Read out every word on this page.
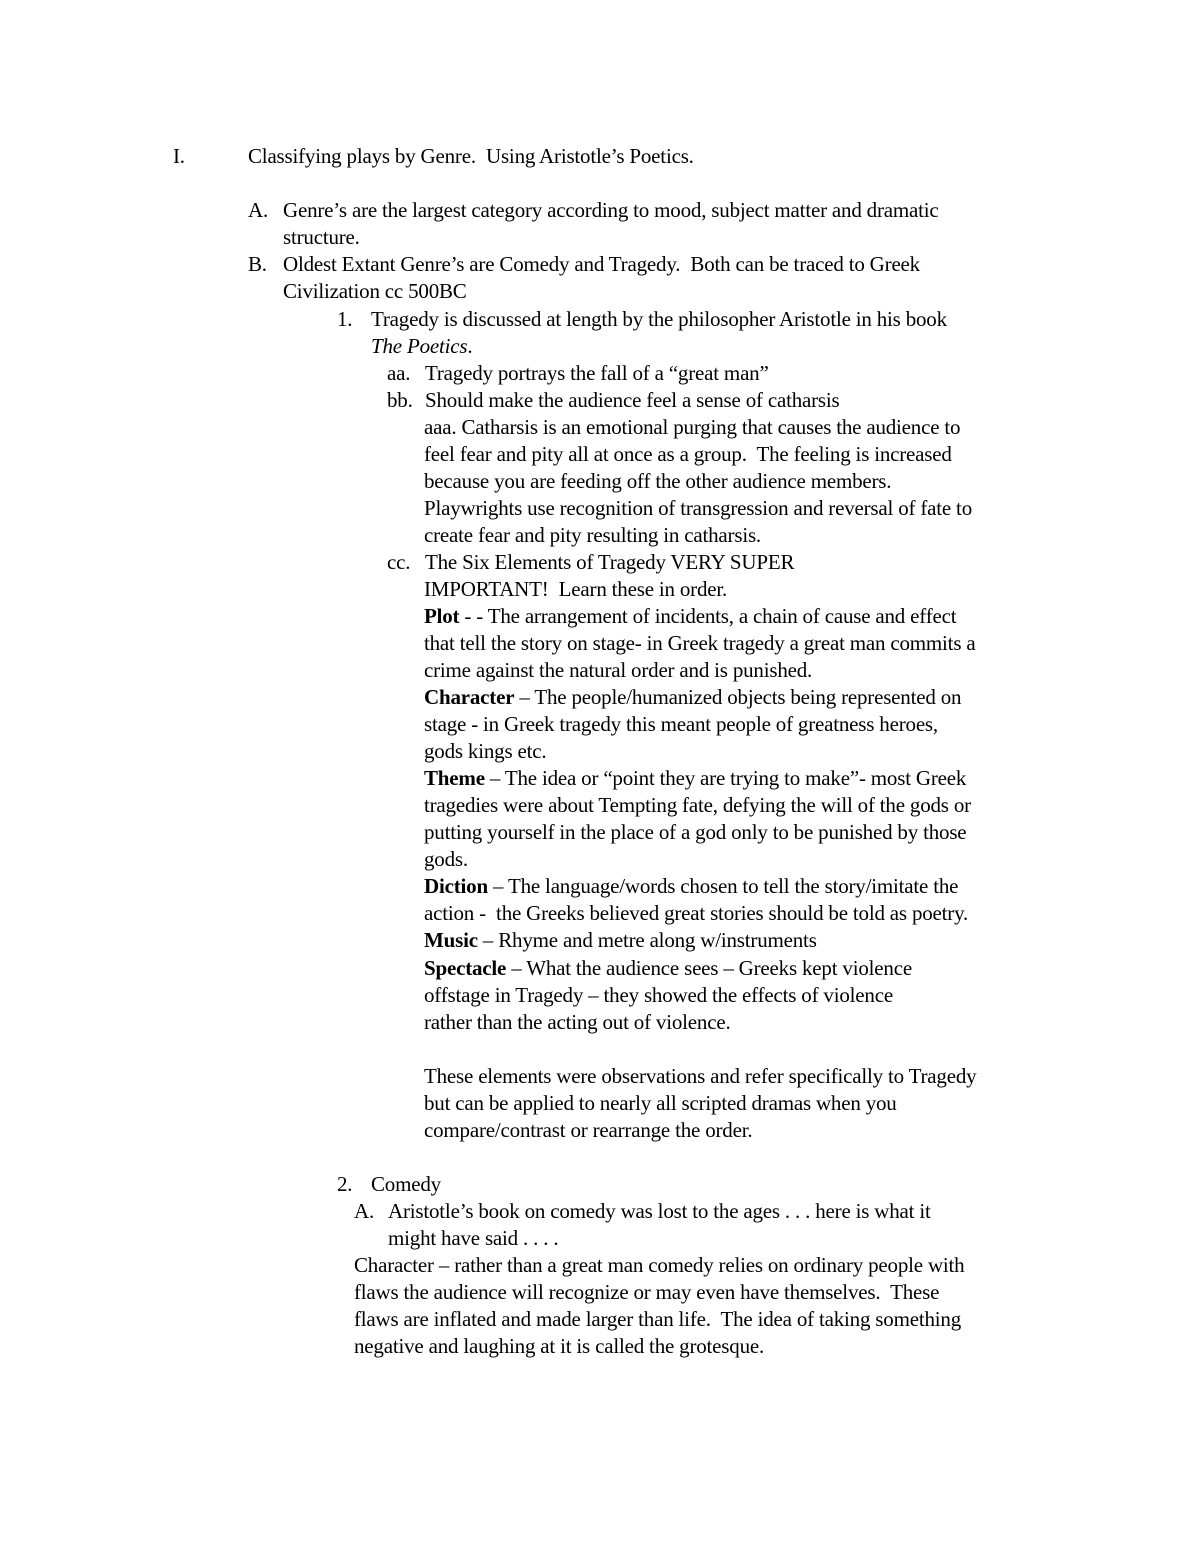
I.	Classifying plays by Genre.  Using Aristotle’s Poetics.
A. Genre’s are the largest category according to mood, subject matter and dramatic
structure.
B. Oldest Extant Genre’s are Comedy and Tragedy.  Both can be traced to Greek
Civilization cc 500BC
1. Tragedy is discussed at length by the philosopher Aristotle in his book
The Poetics.
aa. Tragedy portrays the fall of a “great man”
bb. Should make the audience feel a sense of catharsis
aaa. Catharsis is an emotional purging that causes the audience to
feel fear and pity all at once as a group.  The feeling is increased
because you are feeding off the other audience members.
Playwrights use recognition of transgression and reversal of fate to
create fear and pity resulting in catharsis.
cc. The Six Elements of Tragedy VERY SUPER
IMPORTANT!  Learn these in order.
Plot - - The arrangement of incidents, a chain of cause and effect
that tell the story on stage- in Greek tragedy a great man commits a
crime against the natural order and is punished.
Character – The people/humanized objects being represented on
stage - in Greek tragedy this meant people of greatness heroes,
gods kings etc.
Theme – The idea or “point they are trying to make”- most Greek
tragedies were about Tempting fate, defying the will of the gods or
putting yourself in the place of a god only to be punished by those
gods.
Diction – The language/words chosen to tell the story/imitate the
action -  the Greeks believed great stories should be told as poetry.
Music – Rhyme and metre along w/instruments
Spectacle – What the audience sees – Greeks kept violence
offstage in Tragedy – they showed the effects of violence
rather than the acting out of violence.
These elements were observations and refer specifically to Tragedy
but can be applied to nearly all scripted dramas when you
compare/contrast or rearrange the order.
2. Comedy
A. Aristotle’s book on comedy was lost to the ages . . . here is what it
might have said . . . .
Character – rather than a great man comedy relies on ordinary people with
flaws the audience will recognize or may even have themselves.  These
flaws are inflated and made larger than life.  The idea of taking something
negative and laughing at it is called the grotesque.
